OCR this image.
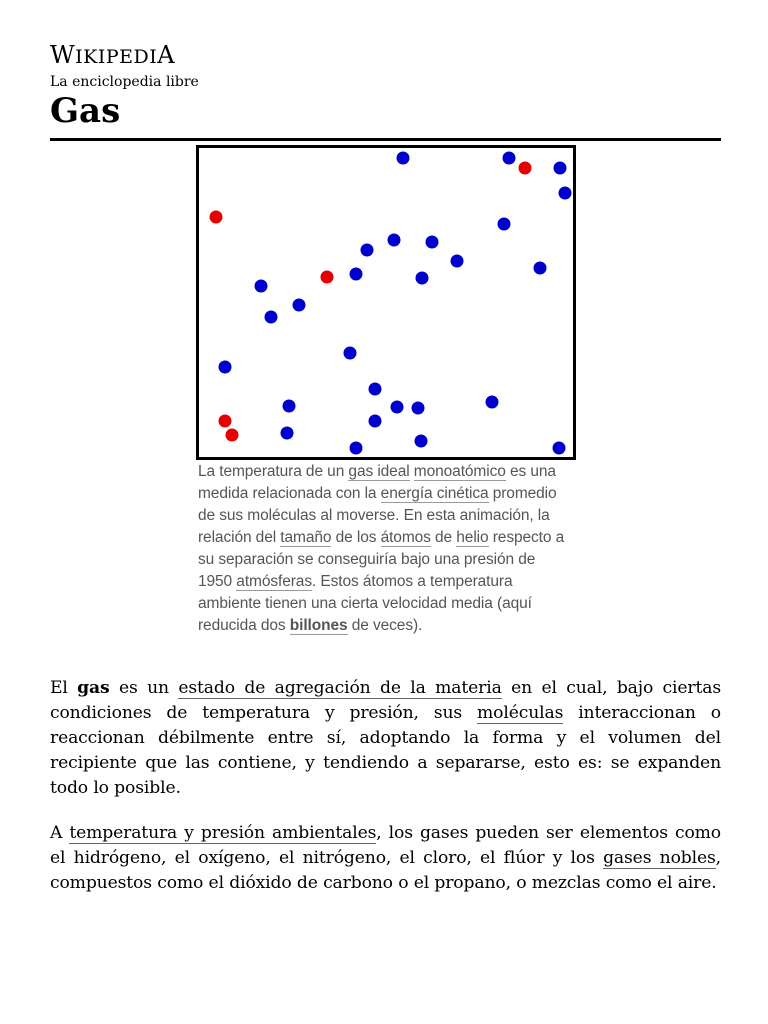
WIKIPEDIA
La enciclopedia libre
Gas
La temperatura de un gas ideal monoatómico es una medida relacionada con la energía cinética promedio de sus moléculas al moverse. En esta animación, la relación del tamaño de los átomos de helio respecto a su separación se conseguiría bajo una presión de 1950 atmósferas. Estos átomos a temperatura ambiente tienen una cierta velocidad media (aquí reducida dos billones de veces).

El gas es un estado de agregación de la materia en el cual, bajo ciertas condiciones de temperatura y presión, sus moléculas interaccionan o reaccionan débilmente entre sí, adoptando la forma y el volumen del recipiente que las contiene, y tendiendo a separarse, esto es: se expanden todo lo posible.

A temperatura y presión ambientales, los gases pueden ser elementos como el hidrógeno, el oxígeno, el nitrógeno, el cloro, el flúor y los gases nobles, compuestos como el dióxido de carbono o el propano, o mezclas como el aire.
